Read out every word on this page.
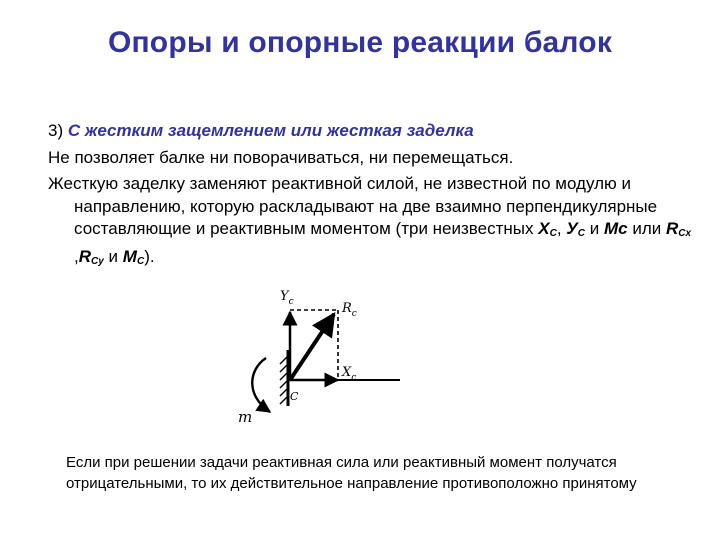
Опоры и опорные реакции балок

3) С жестким защемлением или жесткая заделка

Не позволяет балке ни поворачиваться, ни перемещаться.

Жесткую заделку заменяют реактивной силой, не известной по модулю и направлению, которую раскладывают на две взаимно перпендикулярные составляющие и реактивным моментом (три неизвестных $X_C$, $У_C$ и Mc или $R_{Cx}$ $,R_{Cy}$ и $M_C$).

$Y_c$	$R_c$
$X_c$
C
m
Если при решении задачи реактивная сила или реактивный момент получатся отрицательными, то их действительное направление противоположно принятому
